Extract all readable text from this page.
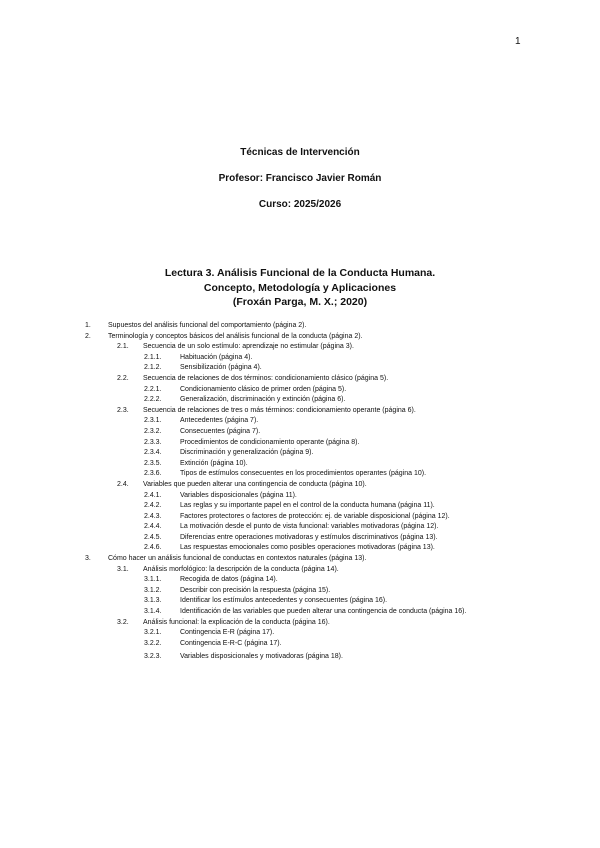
1
Técnicas de Intervención
Profesor: Francisco Javier Román
Curso: 2025/2026
Lectura 3. Análisis Funcional de la Conducta Humana.
Concepto, Metodología y Aplicaciones
(Froxán Parga, M. X.; 2020)
1. Supuestos del análisis funcional del comportamiento (página 2).
2. Terminología y conceptos básicos del análisis funcional de la conducta (página 2).
2.1. Secuencia de un solo estímulo: aprendizaje no estimular (página 3).
2.1.1.	Habituación (página 4).
2.1.2.	Sensibilización (página 4).
2.2. Secuencia de relaciones de dos términos: condicionamiento clásico (página 5).
2.2.1.	Condicionamiento clásico de primer orden (página 5).
2.2.2.	Generalización, discriminación y extinción (página 6).
2.3. Secuencia de relaciones de tres o más términos: condicionamiento operante (página 6).
2.3.1.	Antecedentes (página 7).
2.3.2.	Consecuentes (página 7).
2.3.3.	Procedimientos de condicionamiento operante (página 8).
2.3.4.	Discriminación y generalización (página 9).
2.3.5.	Extinción (página 10).
2.3.6.	Tipos de estímulos consecuentes en los procedimientos operantes (página 10).
2.4. Variables que pueden alterar una contingencia de conducta (página 10).
2.4.1.	Variables disposicionales (página 11).
2.4.2.	Las reglas y su importante papel en el control de la conducta humana (página 11).
2.4.3.	Factores protectores o factores de protección: ej. de variable disposicional (página 12).
2.4.4.	La motivación desde el punto de vista funcional: variables motivadoras (página 12).
2.4.5.	Diferencias entre operaciones motivadoras y estímulos discriminativos (página 13).
2.4.6.	Las respuestas emocionales como posibles operaciones motivadoras (página 13).
3. Cómo hacer un análisis funcional de conductas en contextos naturales (página 13).
3.1. Análisis morfológico: la descripción de la conducta (página 14).
3.1.1.	Recogida de datos (página 14).
3.1.2.	Describir con precisión la respuesta (página 15).
3.1.3.	Identificar los estímulos antecedentes y consecuentes (página 16).
3.1.4.	Identificación de las variables que pueden alterar una contingencia de conducta (página 16).
3.2. Análisis funcional: la explicación de la conducta (página 16).
3.2.1.	Contingencia E-R (página 17).
3.2.2.	Contingencia E-R-C (página 17).
3.2.3.	Variables disposicionales y motivadoras (página 18).
